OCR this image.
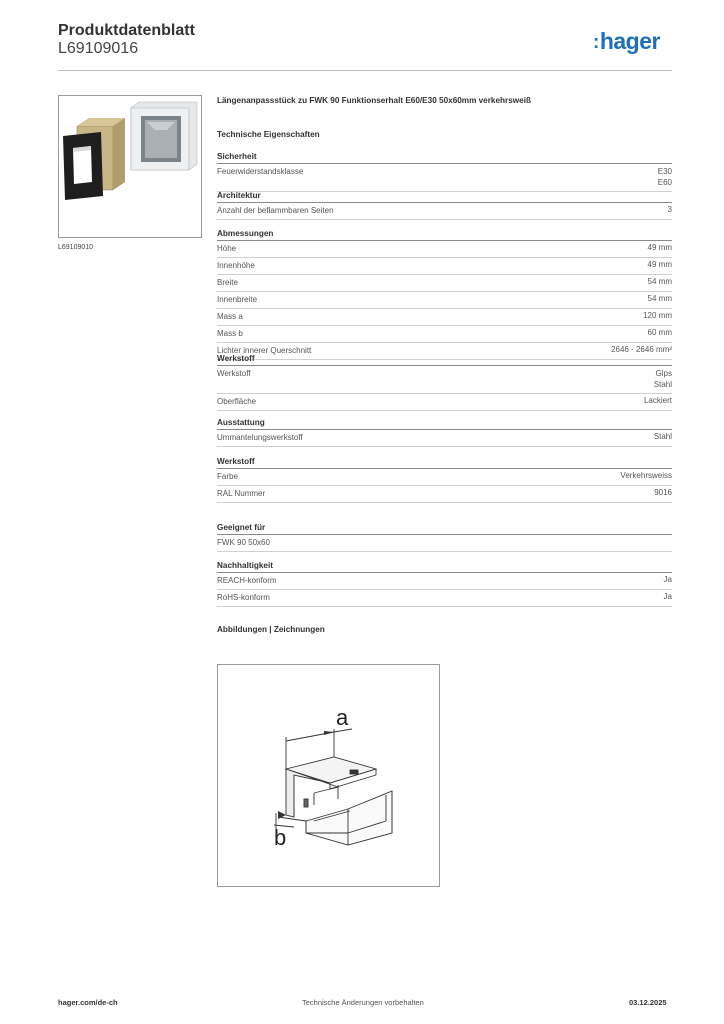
Produktdatenblatt
L69109016	:hager
L69109010
Längenanpassstück zu FWK 90 Funktionserhalt E60/E30 50x60mm verkehrsweiß
Technische Eigenschaften
Sicherheit
Feuerwiderstandsklasse	E30
E60
Architektur
Anzahl der beflammbaren Seiten	3
Abmessungen
Höhe	49 mm
Innenhöhe	49 mm
Breite	54 mm
Innenbreite	54 mm
Mass a	120 mm
Mass b	60 mm
Lichter innerer Querschnitt	2646 - 2646 mm²
Werkstoff
Werkstoff	Gips
Stahl
Oberfläche	Lackiert
Ausstattung
Ummantelungswerkstoff	Stahl
Werkstoff
Farbe	Verkehrsweiss
RAL Nummer	9016
Geeignet für
FWK 90 50x60
Nachhaltigkeit
REACH-konform	Ja
RoHS-konform	Ja
Abbildungen | Zeichnungen
a
b
hager.com/de-ch	Technische Änderungen vorbehalten	03.12.2025
